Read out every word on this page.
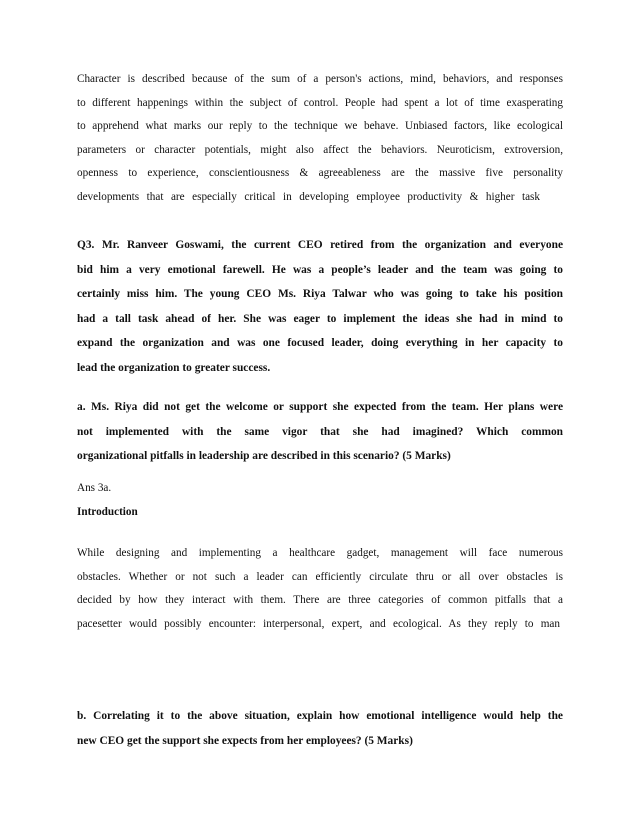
Character is described because of the sum of a person's actions, mind, behaviors, and responses
to different happenings within the subject of control. People had spent a lot of time exasperating
to apprehend what marks our reply to the technique we behave. Unbiased factors, like ecological
parameters or character potentials, might also affect the behaviors. Neuroticism, extroversion,
openness to experience, conscientiousness & agreeableness are the massive five personality
developments that are especially critical in developing employee productivity & higher task
Q3. Mr. Ranveer Goswami, the current CEO retired from the organization and everyone
bid him a very emotional farewell. He was a people’s leader and the team was going to
certainly miss him. The young CEO Ms. Riya Talwar who was going to take his position
had a tall task ahead of her. She was eager to implement the ideas she had in mind to
expand the organization and was one focused leader, doing everything in her capacity to
lead the organization to greater success.
a. Ms. Riya did not get the welcome or support she expected from the team. Her plans were
not implemented with the same vigor that she had imagined? Which common
organizational pitfalls in leadership are described in this scenario? (5 Marks)
Ans 3a.
Introduction
While designing and implementing a healthcare gadget, management will face numerous
obstacles. Whether or not such a leader can efficiently circulate thru or all over obstacles is
decided by how they interact with them. There are three categories of common pitfalls that a
pacesetter would possibly encounter: interpersonal, expert, and ecological. As they reply to man
b. Correlating it to the above situation, explain how emotional intelligence would help the
new CEO get the support she expects from her employees? (5 Marks)
